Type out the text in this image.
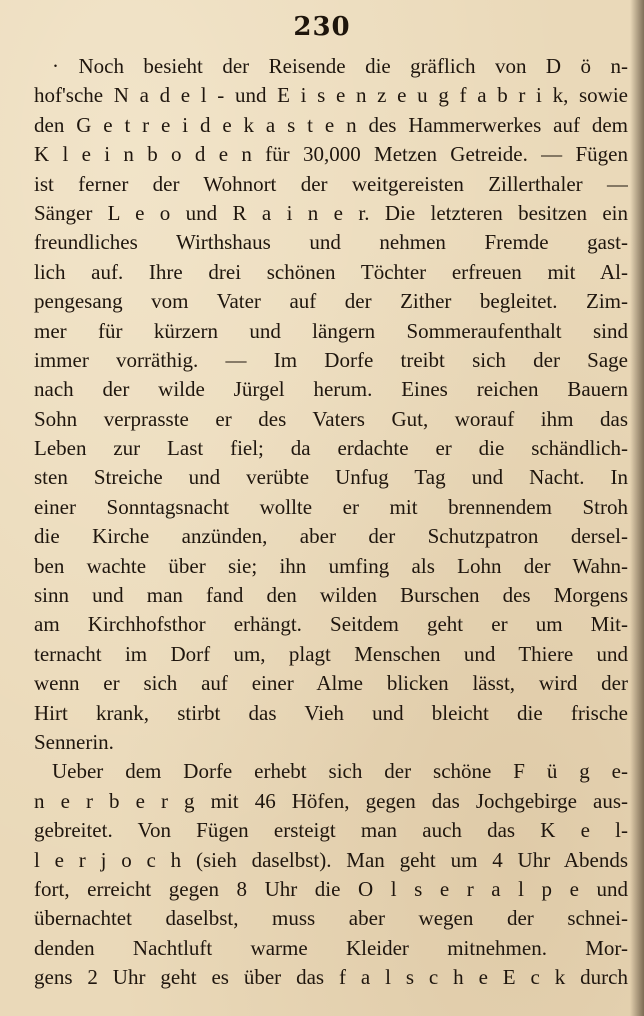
230
· Noch besieht der Reisende die gräflich von D ö n-
hof'sche N a d e l - und E i s e n z e u g f a b r i k, sowie
den G e t r e i d e k a s t e n des Hammerwerkes auf dem
K l e i n b o d e n für 30,000 Metzen Getreide. — Fügen
ist ferner der Wohnort der weitgereisten Zillerthaler —
Sänger L e o und R a i n e r. Die letzteren besitzen ein
freundliches Wirthshaus und nehmen Fremde gast-
lich auf. Ihre drei schönen Töchter erfreuen mit Al-
pengesang vom Vater auf der Zither begleitet. Zim-
mer für kürzern und längern Sommeraufenthalt sind
immer vorräthig. — Im Dorfe treibt sich der Sage
nach der wilde Jürgel herum. Eines reichen Bauern
Sohn verprasste er des Vaters Gut, worauf ihm das
Leben zur Last fiel; da erdachte er die schändlich-
sten Streiche und verübte Unfug Tag und Nacht. In
einer Sonntagsnacht wollte er mit brennendem Stroh
die Kirche anzünden, aber der Schutzpatron dersel-
ben wachte über sie; ihn umfing als Lohn der Wahn-
sinn und man fand den wilden Burschen des Morgens
am Kirchhofsthor erhängt. Seitdem geht er um Mit-
ternacht im Dorf um, plagt Menschen und Thiere und
wenn er sich auf einer Alme blicken lässt, wird der
Hirt krank, stirbt das Vieh und bleicht die frische
Sennerin.
Ueber dem Dorfe erhebt sich der schöne F ü g e-
n e r b e r g mit 46 Höfen, gegen das Jochgebirge aus-
gebreitet. Von Fügen ersteigt man auch das K e l-
l e r j o c h (sieh daselbst). Man geht um 4 Uhr Abends
fort, erreicht gegen 8 Uhr die O l s e r a l p e und
übernachtet daselbst, muss aber wegen der schnei-
denden Nachtluft warme Kleider mitnehmen. Mor-
gens 2 Uhr geht es über das f a l s c h e E c k durch
